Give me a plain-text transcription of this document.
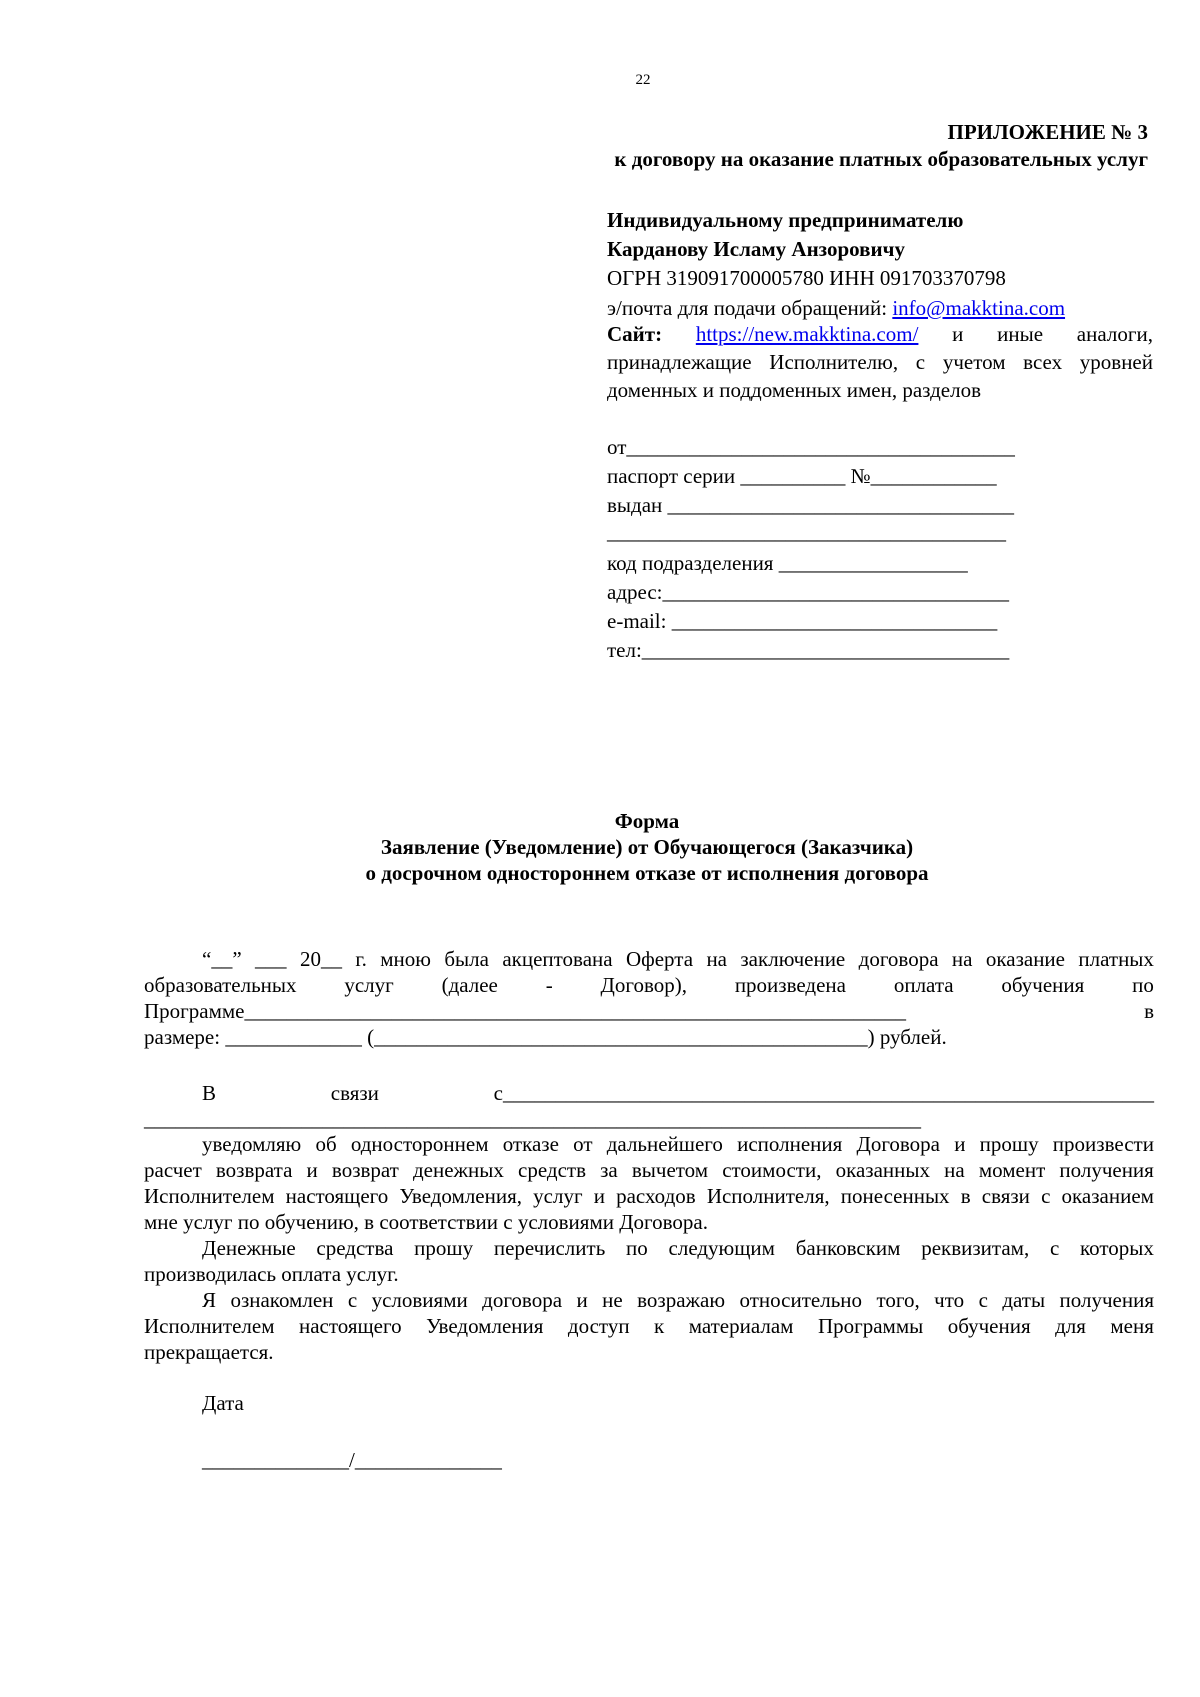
22
ПРИЛОЖЕНИЕ № 3
к договору на оказание платных образовательных услуг
Индивидуальному предпринимателю
Карданову Исламу Анзоровичу
ОГРН 319091700005780 ИНН 091703370798
э/почта для подачи обращений: info@makktina.com
Сайт: https://new.makktina.com/ и иные аналоги,
принадлежащие Исполнителю, с учетом всех уровней
доменных и поддоменных имен, разделов
от_____________________________________
паспорт серии __________ №____________
выдан _________________________________
______________________________________
код подразделения __________________
адрес:_________________________________
e-mail: _______________________________
тел:___________________________________
Форма
Заявление (Уведомление) от Обучающегося (Заказчика)
о досрочном одностороннем отказе от исполнения договора
“__” ___ 20__ г. мною была акцептована Оферта на заключение договора на оказание платных
образовательных услуг (далее - Договор), произведена оплата обучения по
Программе_______________________________________________________________	в
размере: _____________ (_______________________________________________) рублей.
В	связи	с______________________________________________________________
__________________________________________________________________________
уведомляю об одностороннем отказе от дальнейшего исполнения Договора и прошу произвести
расчет возврата и возврат денежных средств за вычетом стоимости, оказанных на момент получения
Исполнителем настоящего Уведомления, услуг и расходов Исполнителя, понесенных в связи с оказанием
мне услуг по обучению, в соответствии с условиями Договора.
Денежные средства прошу перечислить по следующим банковским реквизитам, с которых
производилась оплата услуг.
Я ознакомлен с условиями договора и не возражаю относительно того, что с даты получения
Исполнителем настоящего Уведомления доступ к материалам Программы обучения для меня
прекращается.
Дата
______________/______________
